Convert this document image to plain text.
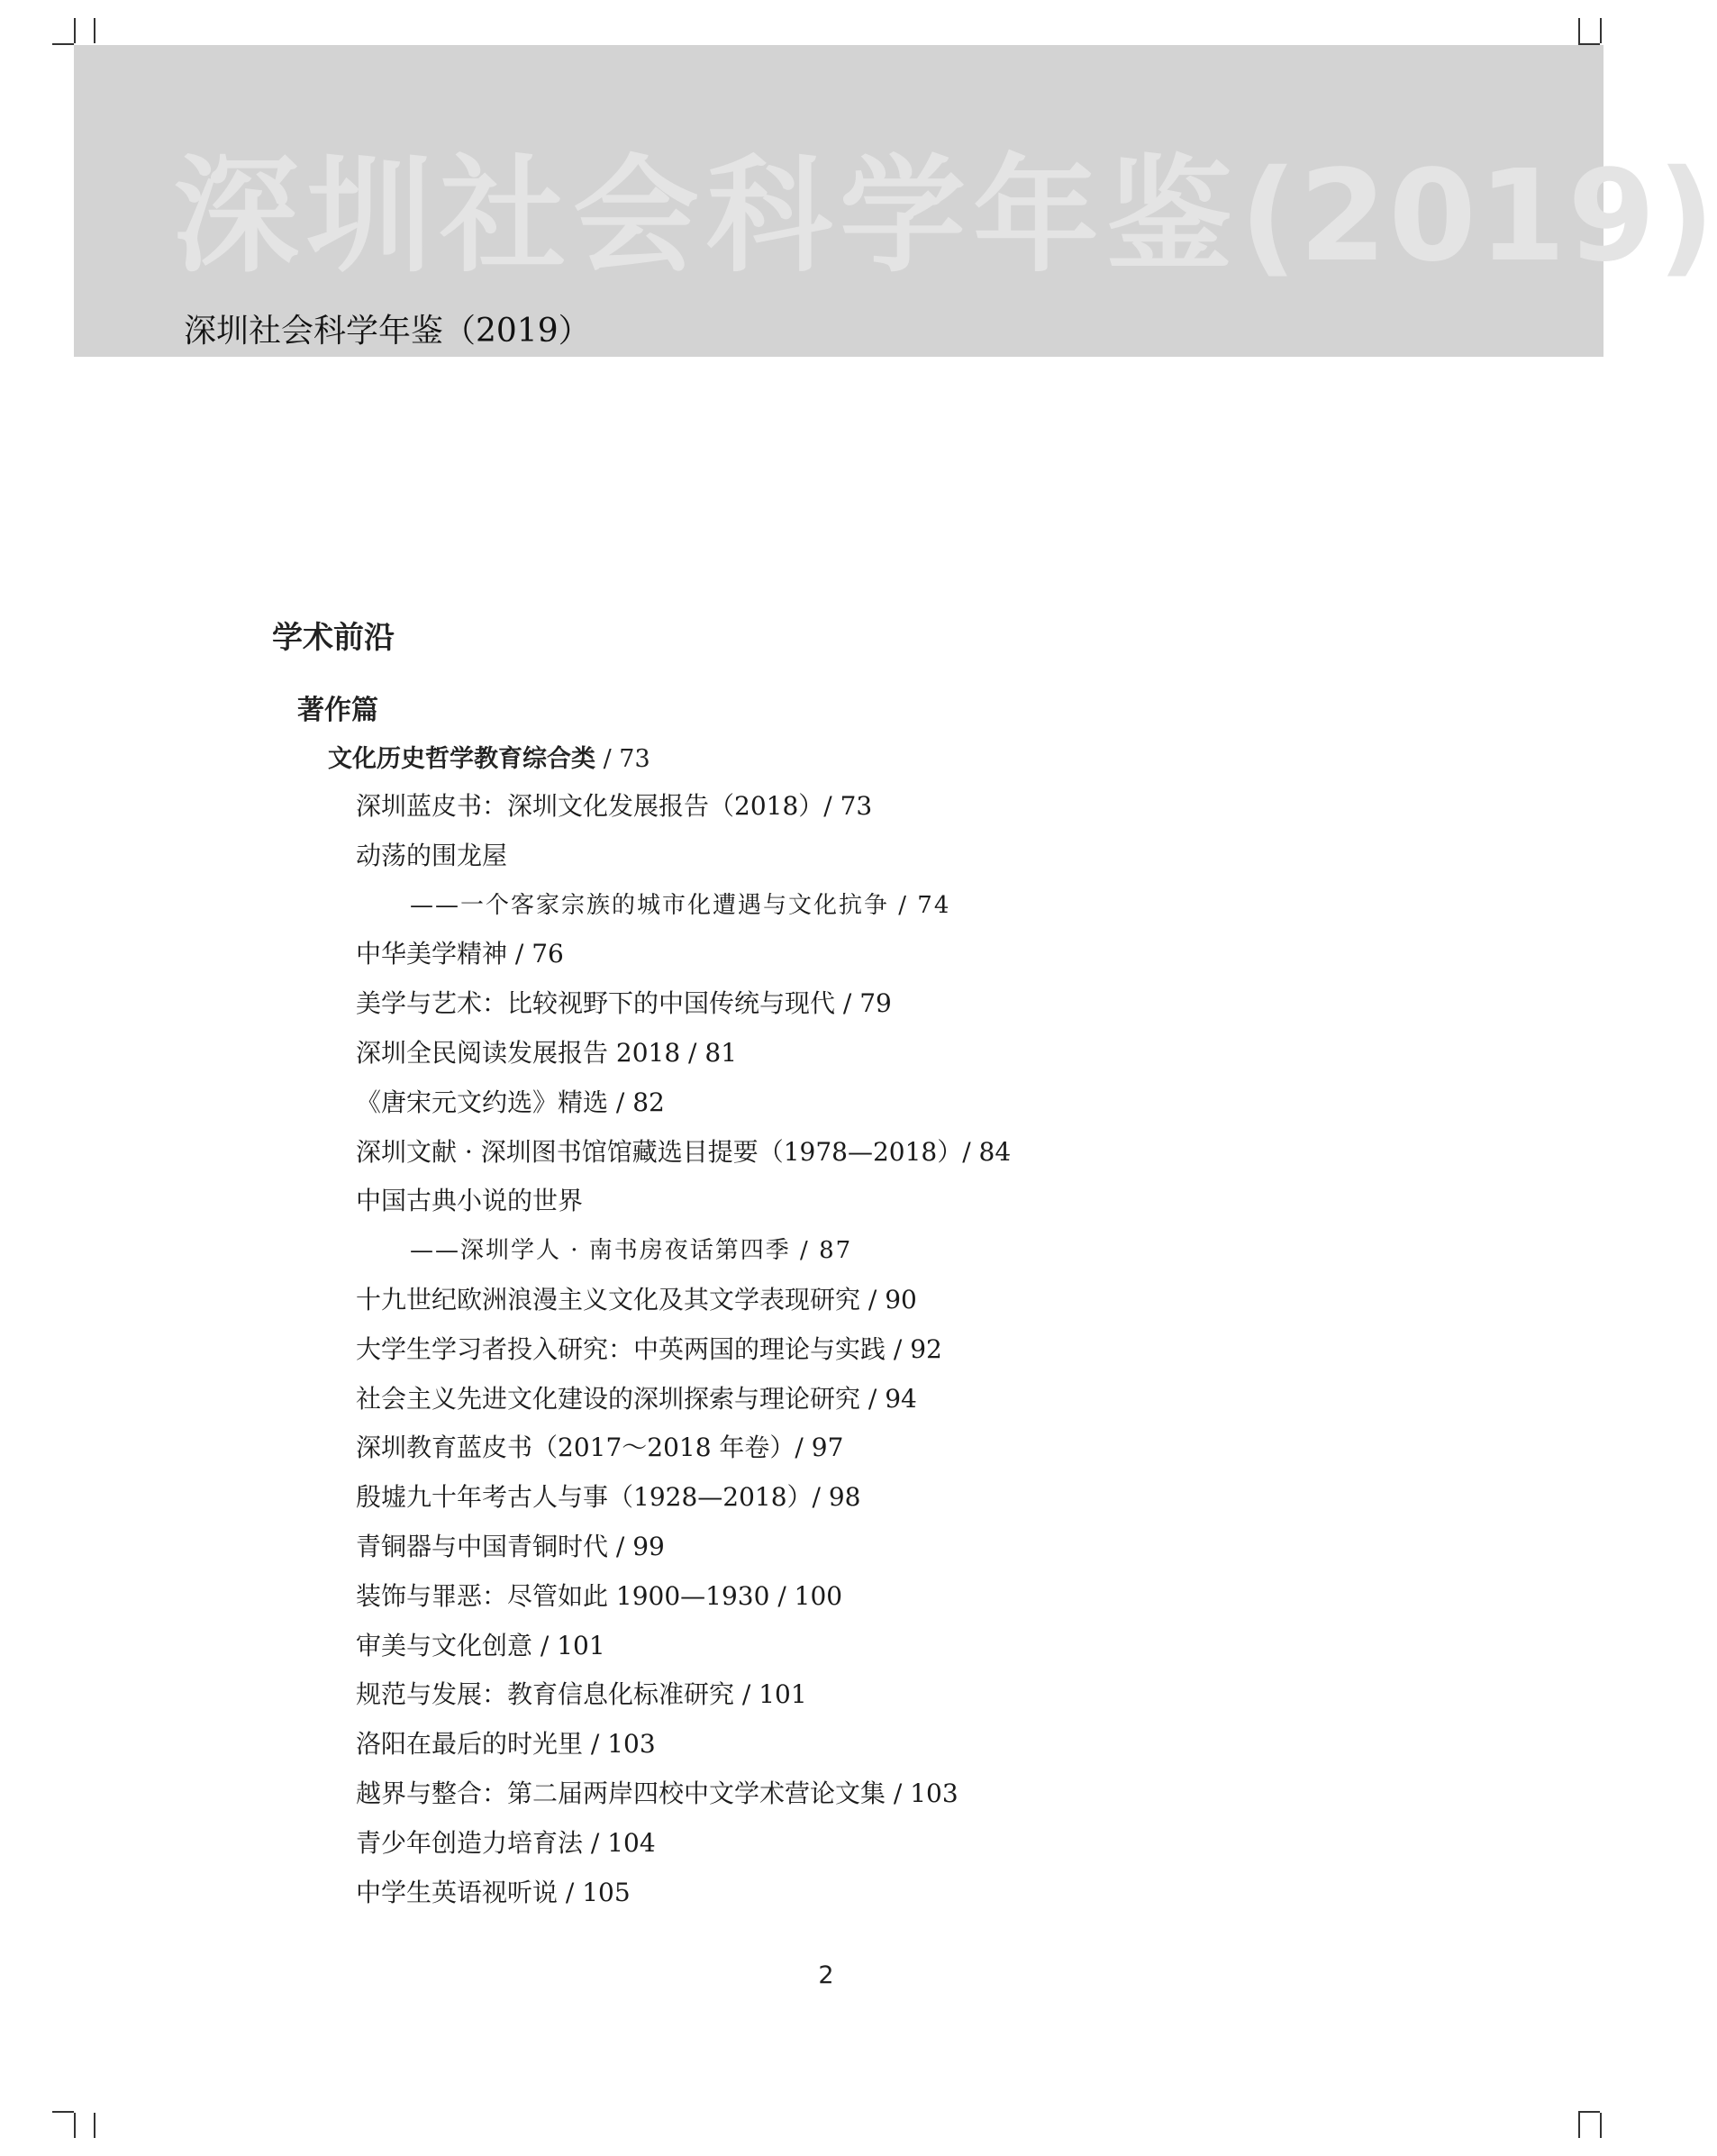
深圳社会科学年鉴(2019)
深圳社会科学年鉴（2019）
学术前沿
著作篇
文化历史哲学教育综合类 / 73
深圳蓝皮书：深圳文化发展报告（2018）/ 73
动荡的围龙屋
——一个客家宗族的城市化遭遇与文化抗争 / 74
中华美学精神 / 76
美学与艺术：比较视野下的中国传统与现代 / 79
深圳全民阅读发展报告 2018 / 81
《唐宋元文约选》精选 / 82
深圳文献 · 深圳图书馆馆藏选目提要（1978—2018）/ 84
中国古典小说的世界
——深圳学人 · 南书房夜话第四季 / 87
十九世纪欧洲浪漫主义文化及其文学表现研究 / 90
大学生学习者投入研究：中英两国的理论与实践 / 92
社会主义先进文化建设的深圳探索与理论研究 / 94
深圳教育蓝皮书（2017～2018 年卷）/ 97
殷墟九十年考古人与事（1928—2018）/ 98
青铜器与中国青铜时代 / 99
装饰与罪恶：尽管如此 1900—1930 / 100
审美与文化创意 / 101
规范与发展：教育信息化标准研究 / 101
洛阳在最后的时光里 / 103
越界与整合：第二届两岸四校中文学术营论文集 / 103
青少年创造力培育法 / 104
中学生英语视听说 / 105
2
